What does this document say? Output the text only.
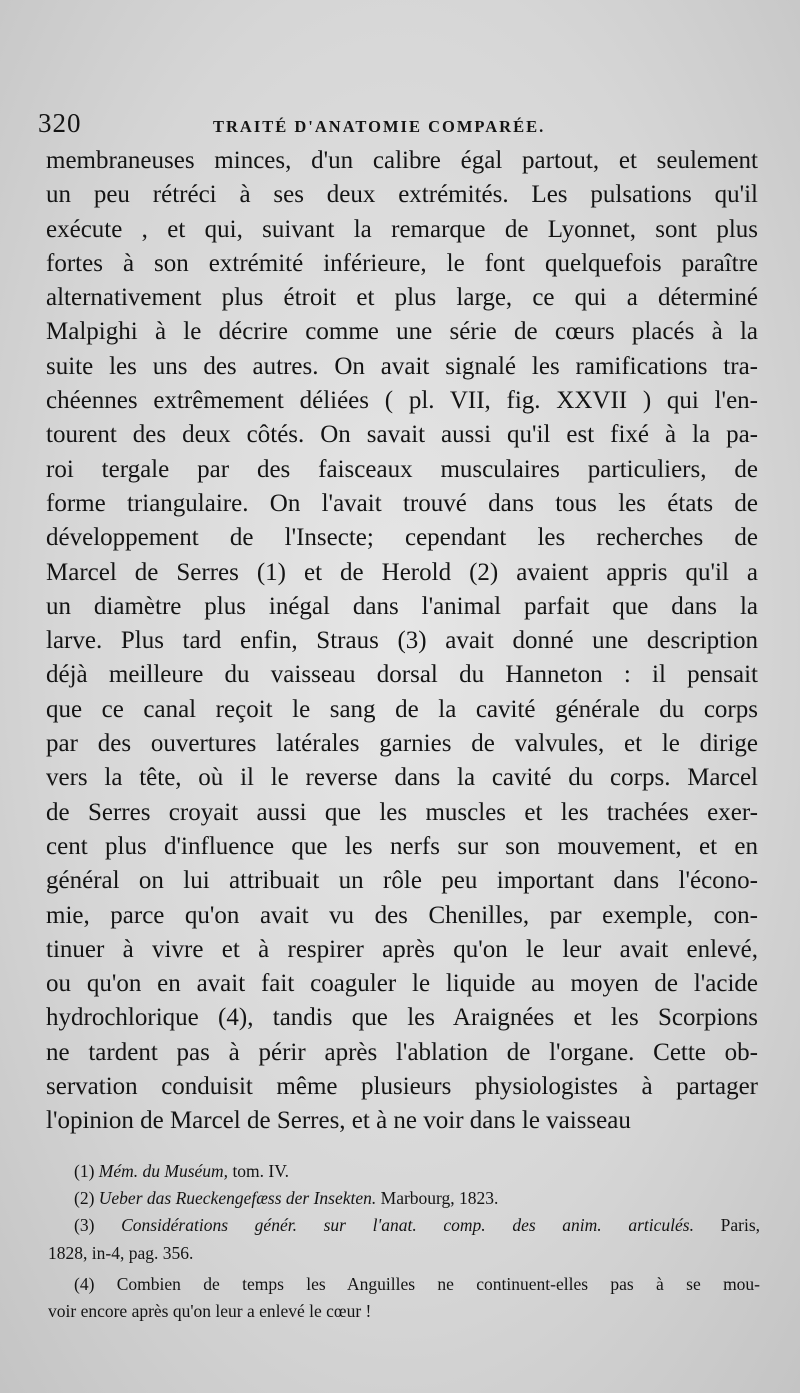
320	TRAITÉ D'ANATOMIE COMPARÉE.
membraneuses minces, d'un calibre égal partout, et seulement
un peu rétréci à ses deux extrémités. Les pulsations qu'il
exécute , et qui, suivant la remarque de Lyonnet, sont plus
fortes à son extrémité inférieure, le font quelquefois paraître
alternativement plus étroit et plus large, ce qui a déterminé
Malpighi à le décrire comme une série de cœurs placés à la
suite les uns des autres. On avait signalé les ramifications tra-
chéennes extrêmement déliées ( pl. VII, fig. XXVII ) qui l'en-
tourent des deux côtés. On savait aussi qu'il est fixé à la pa-
roi tergale par des faisceaux musculaires particuliers, de
forme triangulaire. On l'avait trouvé dans tous les états de
développement de l'Insecte; cependant les recherches de
Marcel de Serres (1) et de Herold (2) avaient appris qu'il a
un diamètre plus inégal dans l'animal parfait que dans la
larve. Plus tard enfin, Straus (3) avait donné une description
déjà meilleure du vaisseau dorsal du Hanneton : il pensait
que ce canal reçoit le sang de la cavité générale du corps
par des ouvertures latérales garnies de valvules, et le dirige
vers la tête, où il le reverse dans la cavité du corps. Marcel
de Serres croyait aussi que les muscles et les trachées exer-
cent plus d'influence que les nerfs sur son mouvement, et en
général on lui attribuait un rôle peu important dans l'écono-
mie, parce qu'on avait vu des Chenilles, par exemple, con-
tinuer à vivre et à respirer après qu'on le leur avait enlevé,
ou qu'on en avait fait coaguler le liquide au moyen de l'acide
hydrochlorique (4), tandis que les Araignées et les Scorpions
ne tardent pas à périr après l'ablation de l'organe. Cette ob-
servation conduisit même plusieurs physiologistes à partager
l'opinion de Marcel de Serres, et à ne voir dans le vaisseau
(1) Mém. du Muséum, tom. IV.
(2) Ueber das Rueckengefæss der Insekten. Marbourg, 1823.
(3) Considérations génér. sur l'anat. comp. des anim. articulés. Paris,
1828, in-4, pag. 356.
(4) Combien de temps les Anguilles ne continuent-elles pas à se mou-
voir encore après qu'on leur a enlevé le cœur !
